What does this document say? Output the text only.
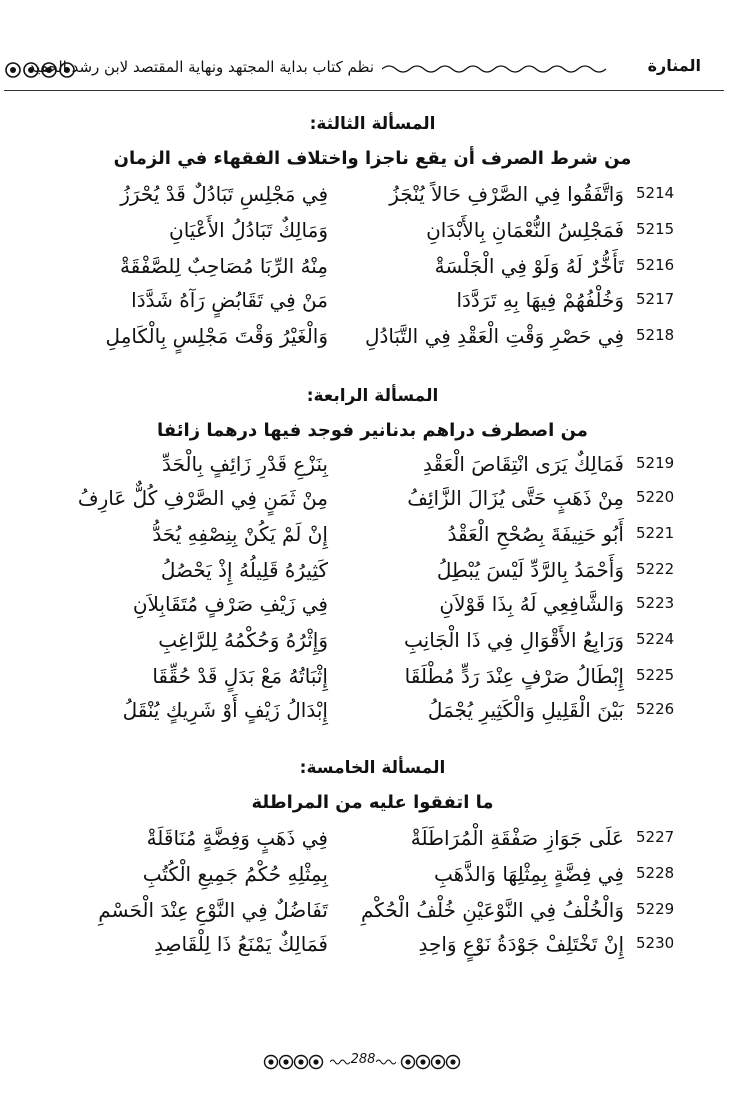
نظم كتاب بداية المجتهد ونهاية المقتصد لابن رشد الحفيد	المنارة
المسألة الثالثة:
من شرط الصرف أن يقع ناجزا واختلاف الفقهاء في الزمان
5214
وَاتَّفَقُوا فِي الصَّرْفِ حَالاً يُنْجَزُ
فِي مَجْلِسِ تَبَادُلٌ قَدْ يُحْرَزُ
5215
فَمَجْلِسُ النُّعْمَانِ بِالأَبْدَانِ
وَمَالِكٌ تَبَادُلُ الأَعْيَانِ
5216
تَأَخُّرٌ لَهُ وَلَوْ فِي الْجَلْسَةْ
مِنْهُ الرِّبَا مُصَاحِبٌ لِلصَّفْقَةْ
5217
وَخُلْفُهُمْ فِيهَا بِهِ تَرَدَّدَا
مَنْ فِي تَقَابُضٍ رَآهُ شَدَّدَا
5218
فِي حَصْرِ وَقْتِ الْعَقْدِ فِي التَّبَادُلِ
وَالْغَيْرُ وَقْتَ مَجْلِسٍ بِالْكَامِلِ
المسألة الرابعة:
من اصطرف دراهم بدنانير فوجد فيها درهما زائفا
5219
فَمَالِكٌ يَرَى انْتِقَاصَ الْعَقْدِ
بِنَزْعِ قَدْرِ زَائِفٍ بِالْحَدِّ
5220
مِنْ ذَهَبٍ حَتَّى يُزَالَ الزَّائِفُ
مِنْ ثَمَنٍ فِي الصَّرْفِ كُلٌّ عَارِفُ
5221
أَبُو حَنِيفَةَ بِصُحْحِ الْعَقْدُ
إِنْ لَمْ يَكُنْ بِنِصْفِهِ يُحَدُّ
5222
وَأَحْمَدُ بِالرَّدِّ لَيْسَ يُبْطِلُ
كَثِيرُهُ قَلِيلُهُ إِذْ يَحْصُلُ
5223
وَالشَّافِعِي لَهُ بِذَا قَوْلاَنِ
فِي زَيْفِ صَرْفٍ مُتَقَابِلاَنِ
5224
وَرَابِعُ الأَقْوَالِ فِي ذَا الْجَانِبِ
وَإِثْرُهُ وَحُكْمُهُ لِلرَّاغِبِ
5225
إِبْطَالُ صَرْفٍ عِنْدَ رَدٍّ مُطْلَقَا
إِثْبَاتُهُ مَعْ بَدَلٍ قَدْ حُقِّقَا
5226
بَيْنَ الْقَلِيلِ وَالْكَثِيرِ يُجْمَلُ
إِبْدَالُ زَيْفٍ أَوْ شَرِيكٍ يُنْقَلُ
المسألة الخامسة:
ما اتفقوا عليه من المراطلة
5227
عَلَى جَوَازِ صَفْقَةِ الْمُرَاطَلَةْ
فِي ذَهَبٍ وَفِضَّةٍ مُنَاقَلَةْ
5228
فِي فِضَّةٍ بِمِثْلِهَا وَالذَّهَبِ
بِمِثْلِهِ حُكْمُ جَمِيعِ الْكُتُبِ
5229
وَالْخُلْفُ فِي النَّوْعَيْنِ خُلْفُ الْحُكْمِ
تَفَاضُلٌ فِي النَّوْعِ عِنْدَ الْحَسْمِ
5230
إِنْ تَخْتَلِفْ جَوْدَةُ نَوْعٍ وَاحِدِ
فَمَالِكٌ يَمْنَعُ ذَا لِلْقَاصِدِ
288
